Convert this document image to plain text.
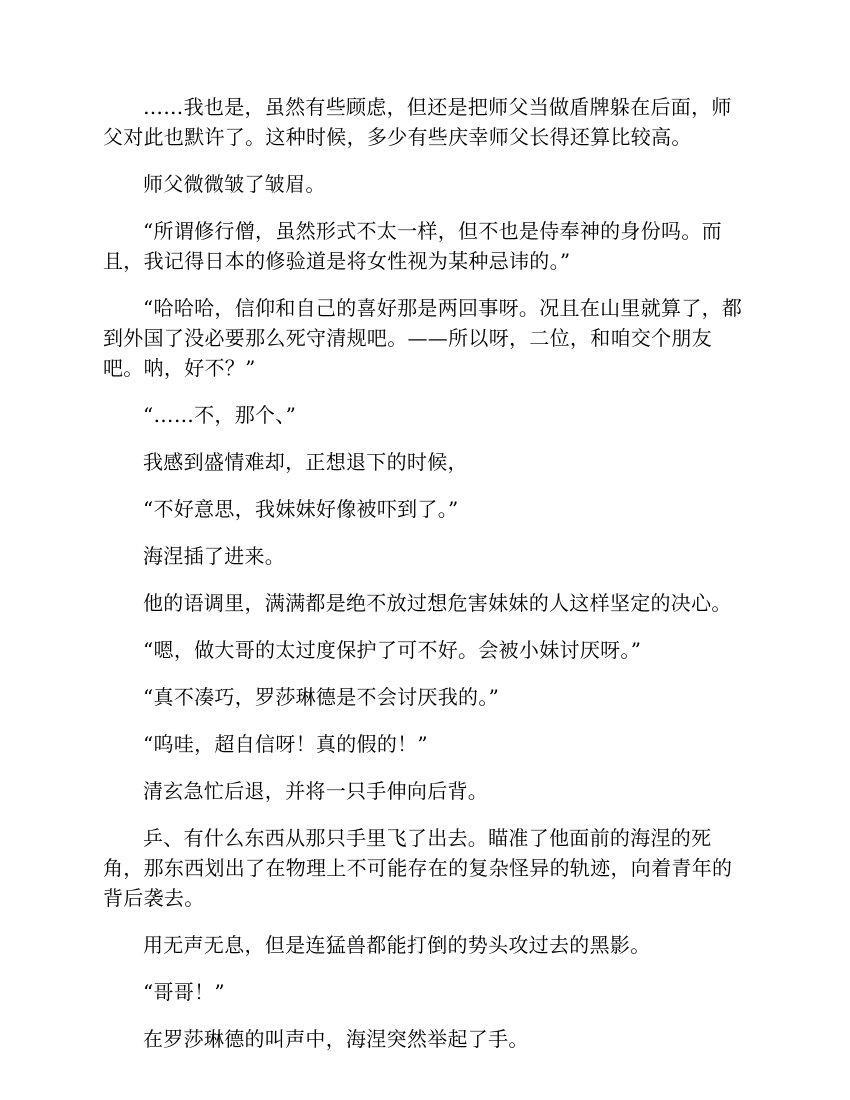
……我也是，虽然有些顾虑，但还是把师父当做盾牌躲在后面，师父对此也默许了。这种时候，多少有些庆幸师父长得还算比较高。

师父微微皱了皱眉。

“所谓修行僧，虽然形式不太一样，但不也是侍奉神的身份吗。而且，我记得日本的修验道是将女性视为某种忌讳的。”

“哈哈哈，信仰和自己的喜好那是两回事呀。况且在山里就算了，都到外国了没必要那么死守清规吧。——所以呀，二位，和咱交个朋友吧。呐，好不？”

“……不，那个、”

我感到盛情难却，正想退下的时候，

“不好意思，我妹妹好像被吓到了。”

海涅插了进来。

他的语调里，满满都是绝不放过想危害妹妹的人这样坚定的决心。

“嗯，做大哥的太过度保护了可不好。会被小妹讨厌呀。”

“真不凑巧，罗莎琳德是不会讨厌我的。”

“呜哇，超自信呀！真的假的！”

清玄急忙后退，并将一只手伸向后背。

乒、有什么东西从那只手里飞了出去。瞄准了他面前的海涅的死角，那东西划出了在物理上不可能存在的复杂怪异的轨迹，向着青年的背后袭去。

用无声无息，但是连猛兽都能打倒的势头攻过去的黑影。

“哥哥！”

在罗莎琳德的叫声中，海涅突然举起了手。
